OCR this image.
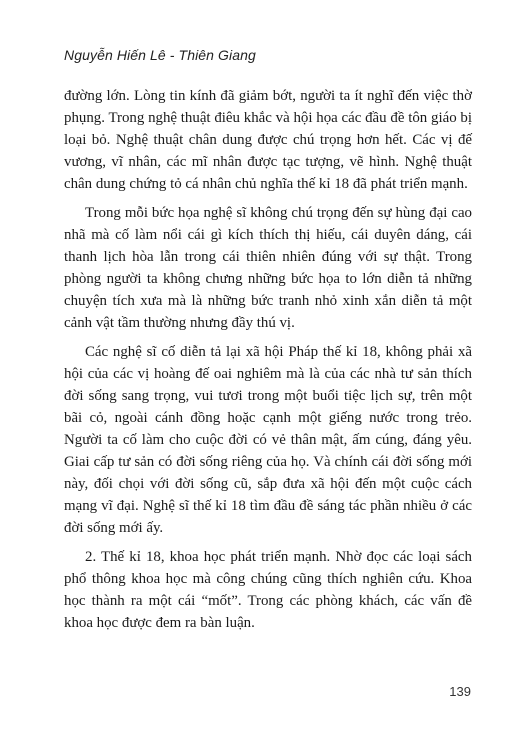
Nguyễn Hiến Lê - Thiên Giang

đường lớn. Lòng tin kính đã giảm bớt, người ta ít nghĩ đến việc thờ phụng. Trong nghệ thuật điêu khắc và hội họa các đầu đề tôn giáo bị loại bỏ. Nghệ thuật chân dung được chú trọng hơn hết. Các vị đế vương, vĩ nhân, các mĩ nhân được tạc tượng, vẽ hình. Nghệ thuật chân dung chứng tỏ cá nhân chủ nghĩa thế kỉ 18 đã phát triển mạnh.

Trong mỗi bức họa nghệ sĩ không chú trọng đến sự hùng đại cao nhã mà cố làm nổi cái gì kích thích thị hiếu, cái duyên dáng, cái thanh lịch hòa lẫn trong cái thiên nhiên đúng với sự thật. Trong phòng người ta không chưng những bức họa to lớn diễn tả những chuyện tích xưa mà là những bức tranh nhỏ xinh xắn diễn tả một cảnh vật tầm thường nhưng đầy thú vị.

Các nghệ sĩ cố diễn tả lại xã hội Pháp thế kỉ 18, không phải xã hội của các vị hoàng đế oai nghiêm mà là của các nhà tư sản thích đời sống sang trọng, vui tươi trong một buổi tiệc lịch sự, trên một bãi cỏ, ngoài cánh đồng hoặc cạnh một giếng nước trong trẻo. Người ta cố làm cho cuộc đời có vẻ thân mật, ấm cúng, đáng yêu. Giai cấp tư sản có đời sống riêng của họ. Và chính cái đời sống mới này, đối chọi với đời sống cũ, sắp đưa xã hội đến một cuộc cách mạng vĩ đại. Nghệ sĩ thế kỉ 18 tìm đầu đề sáng tác phần nhiều ở các đời sống mới ấy.

2. Thế kỉ 18, khoa học phát triển mạnh. Nhờ đọc các loại sách phổ thông khoa học mà công chúng cũng thích nghiên cứu. Khoa học thành ra một cái “mốt”. Trong các phòng khách, các vấn đề khoa học được đem ra bàn luận.

139
